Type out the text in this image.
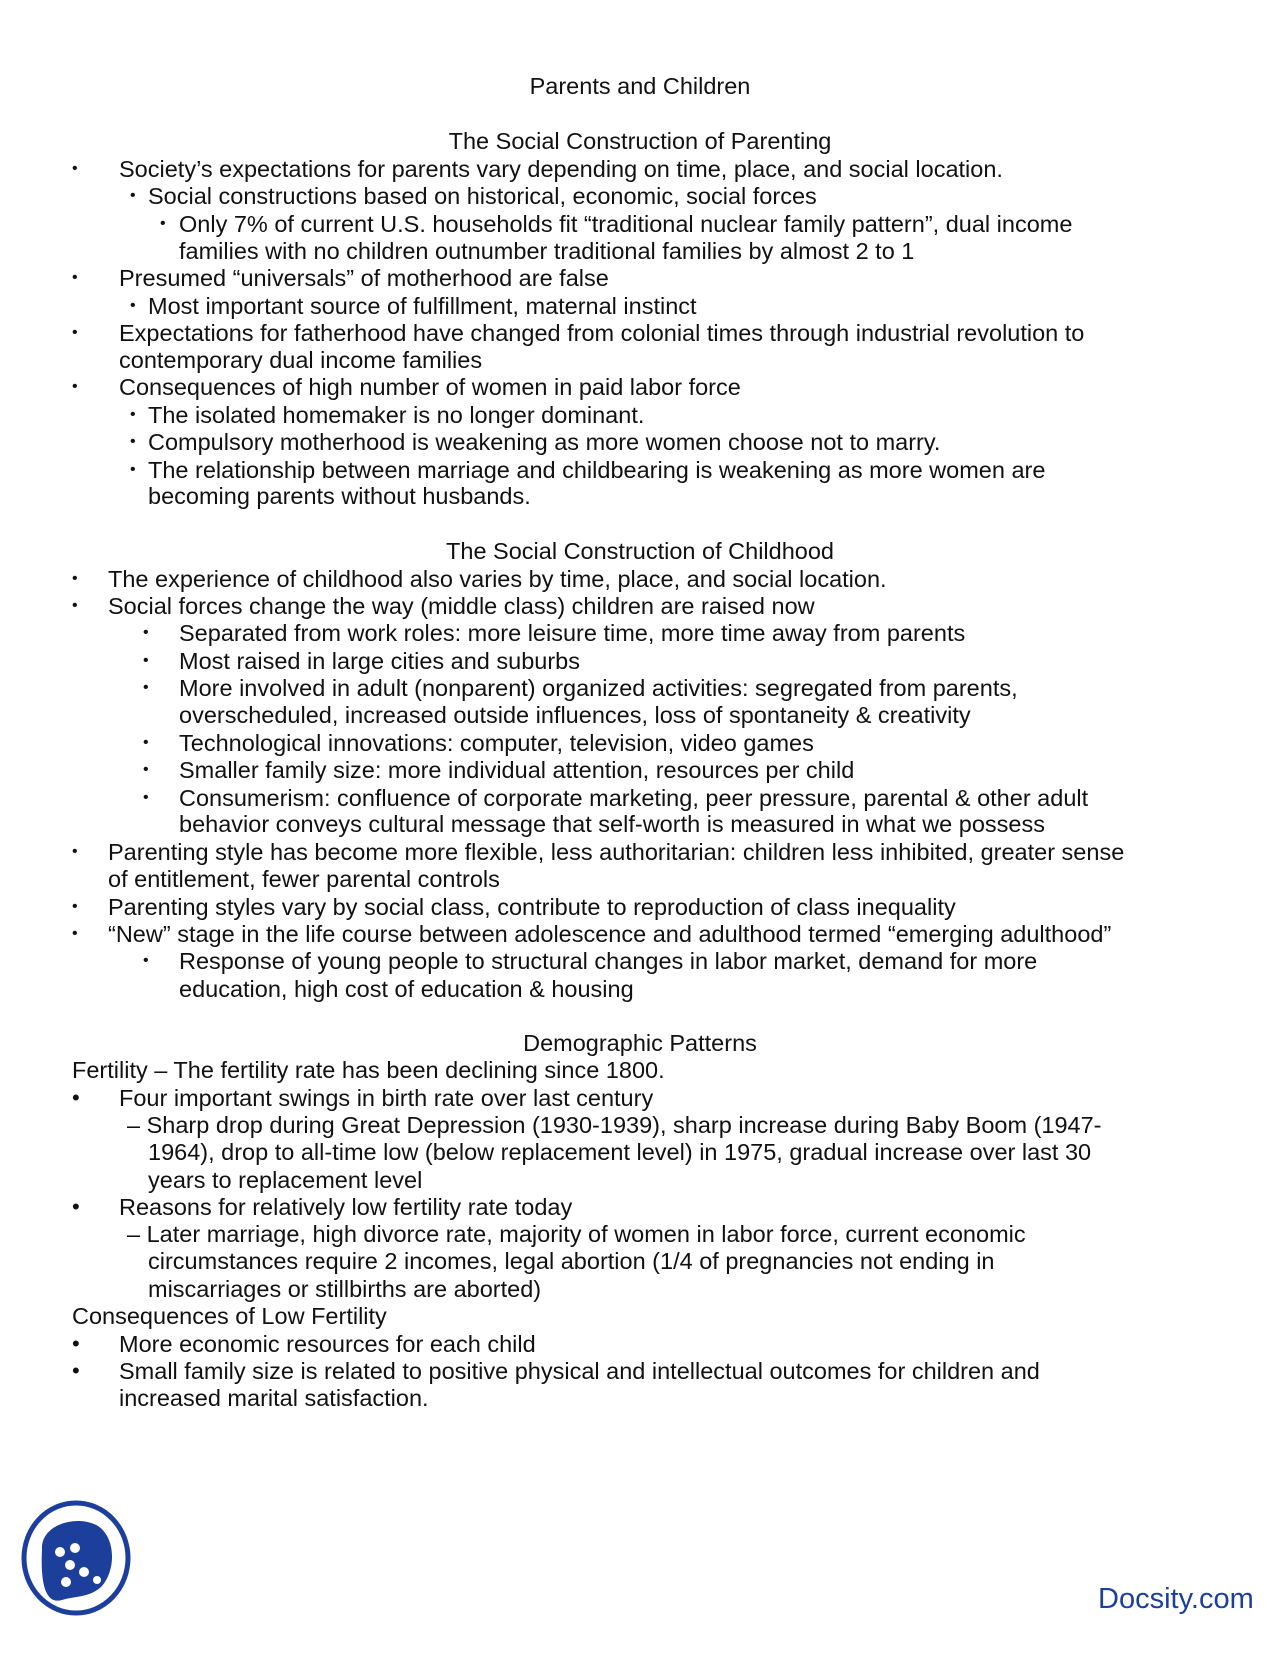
Parents and Children
The Social Construction of Parenting
• Society’s expectations for parents vary depending on time, place, and social location.
• Social constructions based on historical, economic, social forces
• Only 7% of current U.S. households fit “traditional nuclear family pattern”, dual income
families with no children outnumber traditional families by almost 2 to 1
• Presumed “universals” of motherhood are false
• Most important source of fulfillment, maternal instinct
• Expectations for fatherhood have changed from colonial times through industrial revolution to
contemporary dual income families
• Consequences of high number of women in paid labor force
• The isolated homemaker is no longer dominant.
• Compulsory motherhood is weakening as more women choose not to marry.
• The relationship between marriage and childbearing is weakening as more women are
becoming parents without husbands.
The Social Construction of Childhood
• The experience of childhood also varies by time, place, and social location.
• Social forces change the way (middle class) children are raised now
• Separated from work roles: more leisure time, more time away from parents
• Most raised in large cities and suburbs
• More involved in adult (nonparent) organized activities: segregated from parents,
overscheduled, increased outside influences, loss of spontaneity & creativity
• Technological innovations: computer, television, video games
• Smaller family size: more individual attention, resources per child
• Consumerism: confluence of corporate marketing, peer pressure, parental & other adult
behavior conveys cultural message that self-worth is measured in what we possess
• Parenting style has become more flexible, less authoritarian: children less inhibited, greater sense
of entitlement, fewer parental controls
• Parenting styles vary by social class, contribute to reproduction of class inequality
• “New” stage in the life course between adolescence and adulthood termed “emerging adulthood”
• Response of young people to structural changes in labor market, demand for more
education, high cost of education & housing
Demographic Patterns
Fertility – The fertility rate has been declining since 1800.
• Four important swings in birth rate over last century
– Sharp drop during Great Depression (1930-1939), sharp increase during Baby Boom (1947-
1964), drop to all-time low (below replacement level) in 1975, gradual increase over last 30
years to replacement level
• Reasons for relatively low fertility rate today
– Later marriage, high divorce rate, majority of women in labor force, current economic
circumstances require 2 incomes, legal abortion (1/4 of pregnancies not ending in
miscarriages or stillbirths are aborted)
Consequences of Low Fertility
• More economic resources for each child
• Small family size is related to positive physical and intellectual outcomes for children and
increased marital satisfaction.
Docsity.com
